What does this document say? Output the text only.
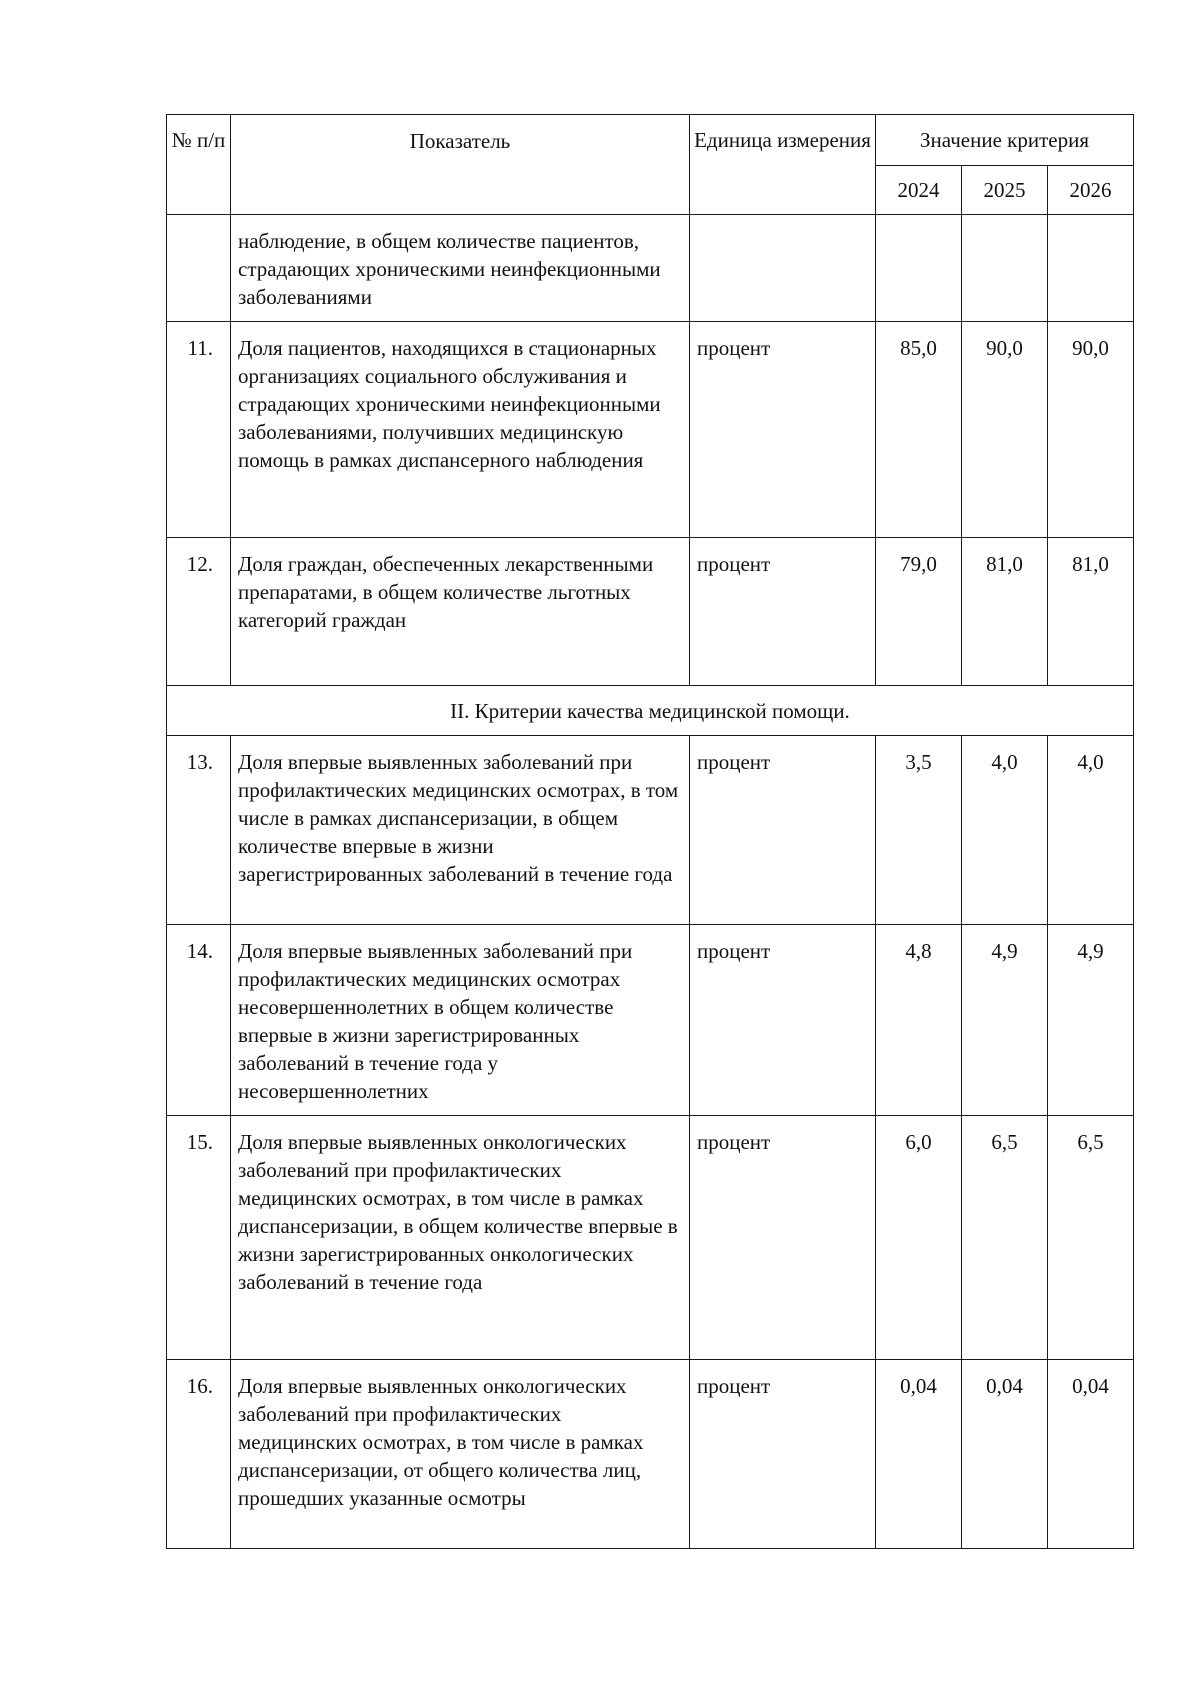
№ п/п	Показатель	Единица измерения	Значение критерия		
			2024	2025	2026
	наблюдение, в общем количестве пациентов, страдающих хроническими неинфекционными заболеваниями				
11.	Доля пациентов, находящихся в стационарных организациях социального обслуживания и страдающих хроническими неинфекционными заболеваниями, получивших медицинскую помощь в рамках диспансерного наблюдения	процент	85,0	90,0	90,0
12.	Доля граждан, обеспеченных лекарственными препаратами, в общем количестве льготных категорий граждан	процент	79,0	81,0	81,0
II. Критерии качества медицинской помощи.					
13.	Доля впервые выявленных заболеваний при профилактических медицинских осмотрах, в том числе в рамках диспансеризации, в общем количестве впервые в жизни зарегистрированных заболеваний в течение года	процент	3,5	4,0	4,0
14.	Доля впервые выявленных заболеваний при профилактических медицинских осмотрах несовершеннолетних в общем количестве впервые в жизни зарегистрированных заболеваний в течение года у несовершеннолетних	процент	4,8	4,9	4,9
15.	Доля впервые выявленных онкологических заболеваний при профилактических медицинских осмотрах, в том числе в рамках диспансеризации, в общем количестве впервые в жизни зарегистрированных онкологических заболеваний в течение года	процент	6,0	6,5	6,5
16.	Доля впервые выявленных онкологических заболеваний при профилактических медицинских осмотрах, в том числе в рамках диспансеризации, от общего количества лиц, прошедших указанные осмотры	процент	0,04	0,04	0,04
